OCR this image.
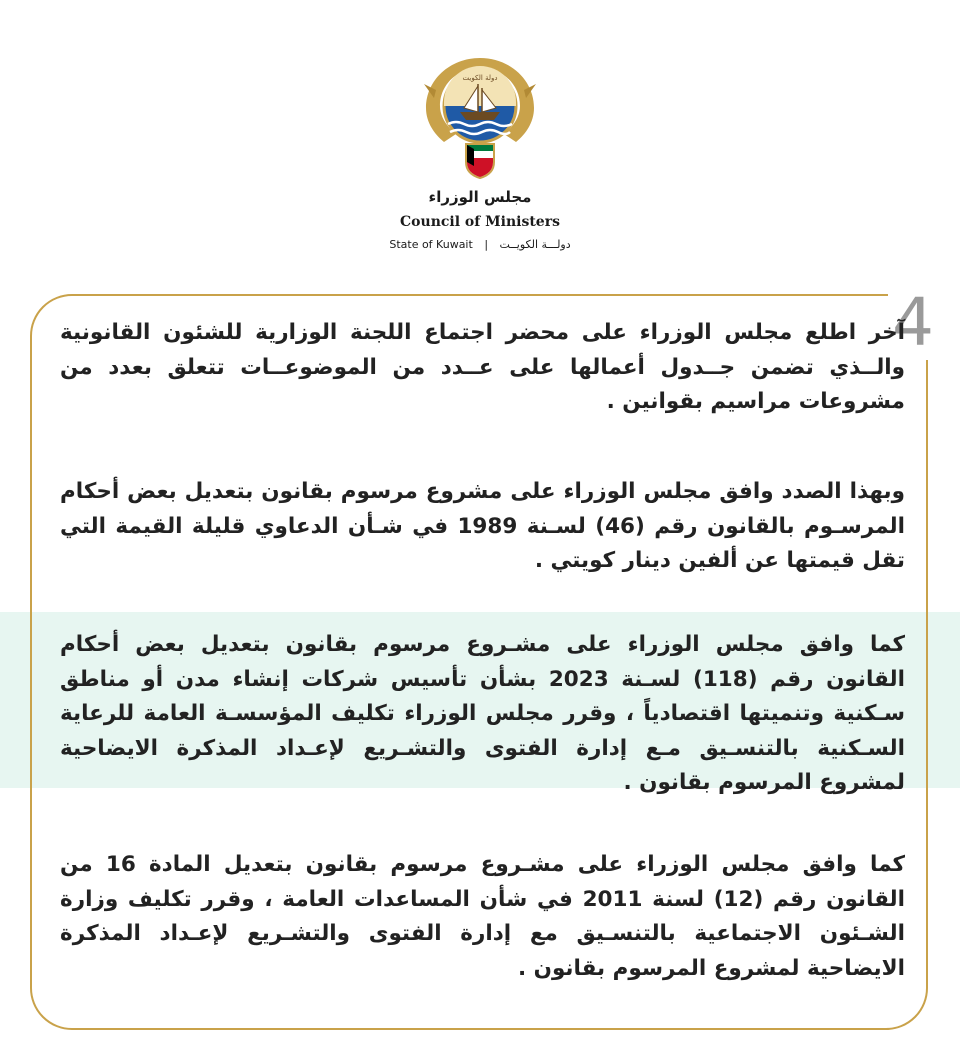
دولة الكويت
مجلس الوزراء
Council of Ministers
State of Kuwait | دولـــة الكويــت
4
آخر اطلع مجلس الوزراء على محضر اجتماع اللجنة الوزارية للشئون القانونية والــذي تضمن جــدول أعمالها على عــدد من الموضوعــات تتعلق بعدد من مشروعات مراسيم بقوانين .
وبهذا الصدد وافق مجلس الوزراء على مشروع مرسوم بقانون بتعديل بعض أحكام المرسـوم بالقانون رقم (46) لسـنة 1989 في شـأن الدعاوي قليلة القيمة التي تقل قيمتها عن ألفين دينار كويتي .
كما وافق مجلس الوزراء على مشـروع مرسوم بقانون بتعديل بعض أحكام القانون رقم (118) لسـنة 2023 بشأن تأسيس شركات إنشاء مدن أو مناطق سـكنية وتنميتها اقتصادياً ، وقرر مجلس الوزراء تكليف المؤسسـة العامة للرعاية السـكنية بالتنسـيق مـع إدارة الفتوى والتشـريع لإعـداد المذكرة الايضاحية لمشروع المرسوم بقانون .
كما وافق مجلس الوزراء على مشـروع مرسوم بقانون بتعديل المادة 16 من القانون رقم (12) لسنة 2011 في شأن المساعدات العامة ، وقرر تكليف وزارة الشـئون الاجتماعية بالتنسـيق مع إدارة الفتوى والتشـريع لإعـداد المذكرة الايضاحية لمشروع المرسوم بقانون .
